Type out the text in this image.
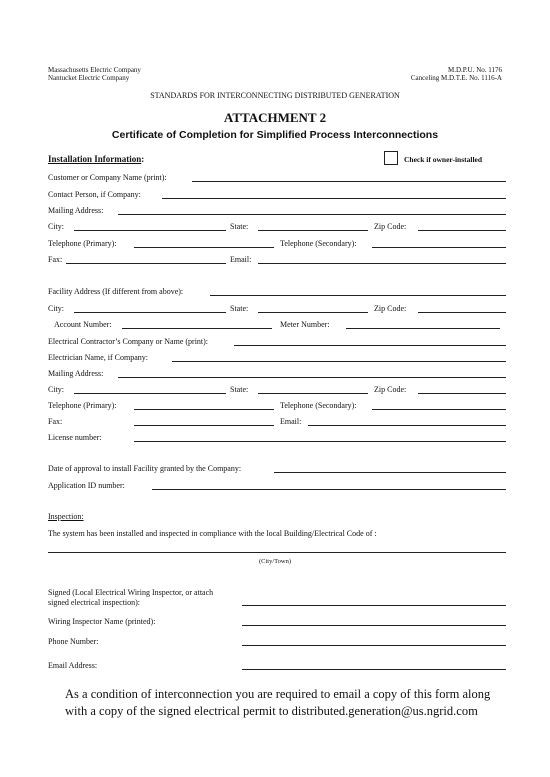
Massachusetts Electric Company
Nantucket Electric Company
M.D.P.U. No. 1176
Canceling M.D.T.E. No. 1116-A
STANDARDS FOR INTERCONNECTING DISTRIBUTED GENERATION
ATTACHMENT 2
Certificate of Completion for Simplified Process Interconnections
Installation Information:	Check if owner-installed
Customer or Company Name (print):
Contact Person, if Company:
Mailing Address:
City:	State:	Zip Code:
Telephone (Primary):	Telephone (Secondary):
Fax:	Email:
Facility Address (If different from above):
City:	State:	Zip Code:
Account Number:	Meter Number:
Electrical Contractor’s Company or Name (print):
Electrician Name, if Company:
Mailing Address:
City:	State:	Zip Code:
Telephone (Primary):	Telephone (Secondary):
Fax:	Email:
License number:
Date of approval to install Facility granted by the Company:
Application ID number:
Inspection:
The system has been installed and inspected in compliance with the local Building/Electrical Code of :
(City/Town)
Signed (Local Electrical Wiring Inspector, or attach
signed electrical inspection):
Wiring Inspector Name (printed):
Phone Number:
Email Address:
As a condition of interconnection you are required to email a copy of this form along
with a copy of the signed electrical permit to distributed.generation@us.ngrid.com
